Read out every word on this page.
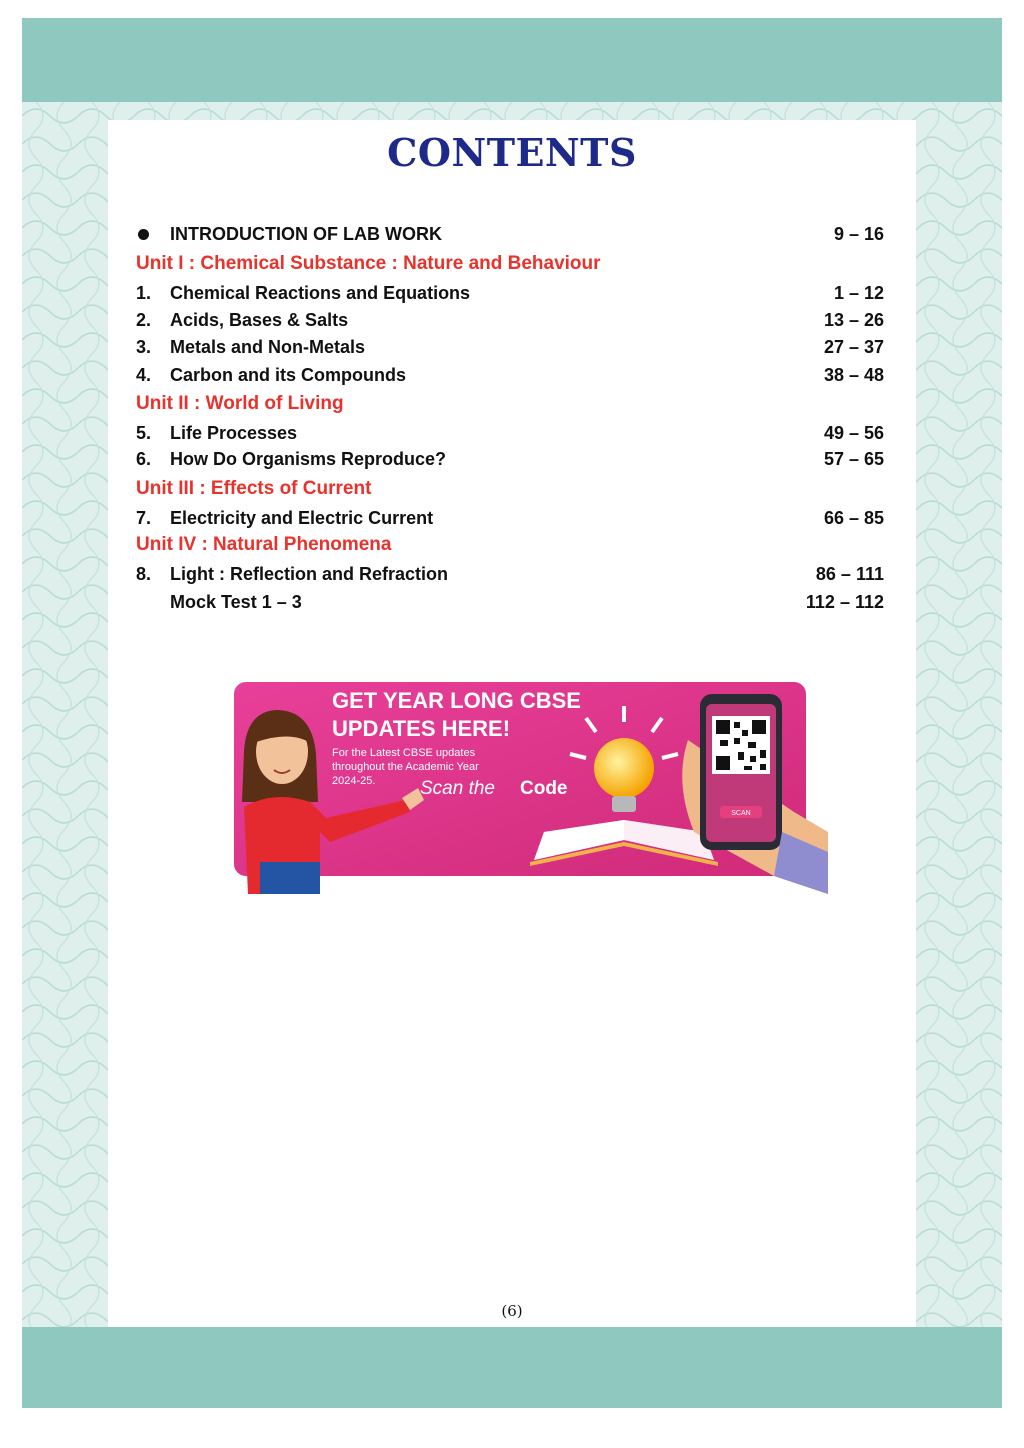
CONTENTS
INTRODUCTION OF LAB WORK	9 – 16
Unit I : Chemical Substance : Nature and Behaviour
1. Chemical Reactions and Equations	1 – 12
2. Acids, Bases & Salts	13 – 26
3. Metals and Non-Metals	27 – 37
4. Carbon and its Compounds	38 – 48
Unit II : World of Living
5. Life Processes	49 – 56
6. How Do Organisms Reproduce?	57 – 65
Unit III : Effects of Current
7. Electricity and Electric Current	66 – 85
Unit IV : Natural Phenomena
8. Light : Reflection and Refraction	86 – 111
Mock Test 1 – 3	112 – 112
GET YEAR LONG CBSE
UPDATES HERE!
For the Latest CBSE updates
throughout the Academic Year
2024-25. Scan the Code
SCAN
(6)
